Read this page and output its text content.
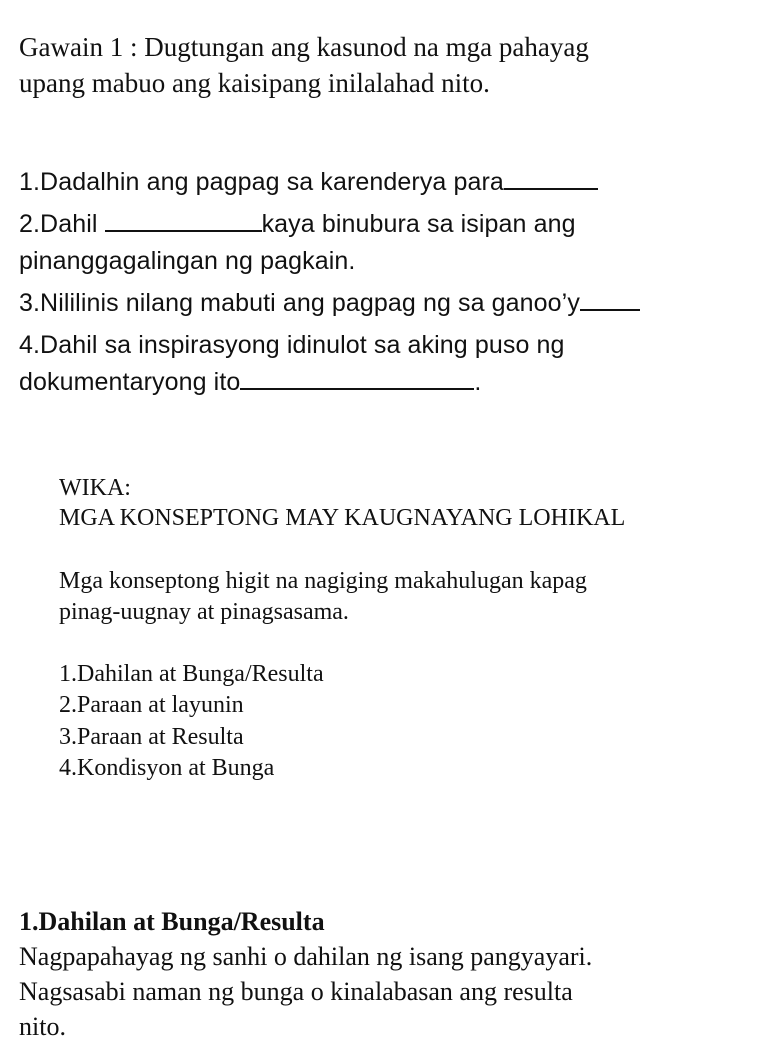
Gawain 1 : Dugtungan ang kasunod na mga pahayag

upang mabuo ang kaisipang inilalahad nito.

1.Dadalhin ang pagpag sa karenderya para

2.Dahil	kaya binubura sa isipan ang

pinanggagalingan ng pagkain.

3.Nililinis nilang mabuti ang pagpag ng sa ganoo’y

4.Dahil sa inspirasyong idinulot sa aking puso ng

dokumentaryong ito	.

WIKA:

MGA KONSEPTONG MAY KAUGNAYANG LOHIKAL

Mga konseptong higit na nagiging makahulugan kapag

pinag-uugnay at pinagsasama.

1.Dahilan at Bunga/Resulta

2.Paraan at layunin

3.Paraan at Resulta

4.Kondisyon at Bunga

1.Dahilan at Bunga/Resulta

Nagpapahayag ng sanhi o dahilan ng isang pangyayari.

Nagsasabi naman ng bunga o kinalabasan ang resulta

nito.
